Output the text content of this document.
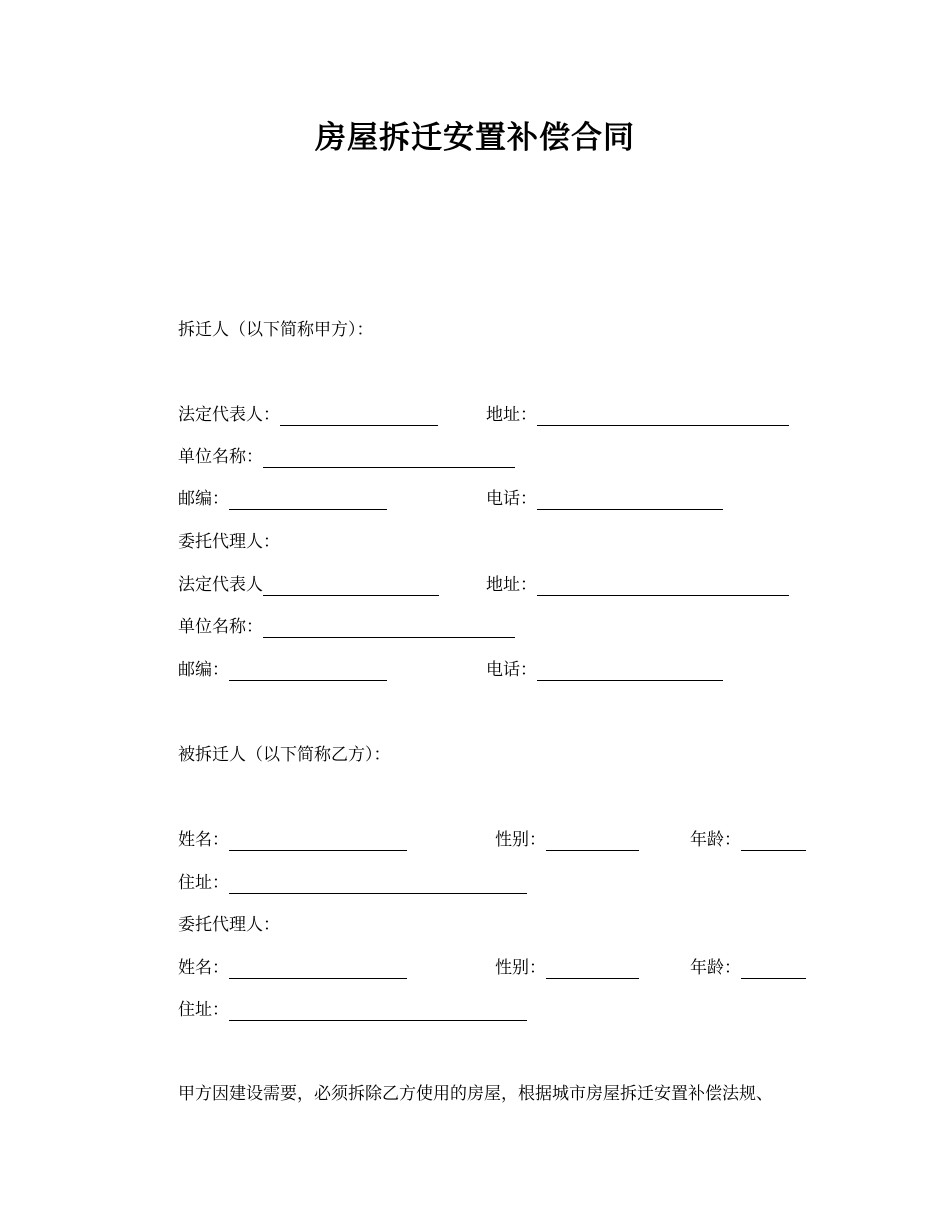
房屋拆迁安置补偿合同
拆迁人（以下简称甲方）：
法定代表人：	地址：
单位名称：
邮编：	电话：
委托代理人：
法定代表人	地址：
单位名称：
邮编：	电话：
被拆迁人（以下简称乙方）：
姓名：	性别：	年龄：
住址：
委托代理人：
姓名：	性别：	年龄：
住址：
甲方因建设需要，必须拆除乙方使用的房屋，根据城市房屋拆迁安置补偿法规、
